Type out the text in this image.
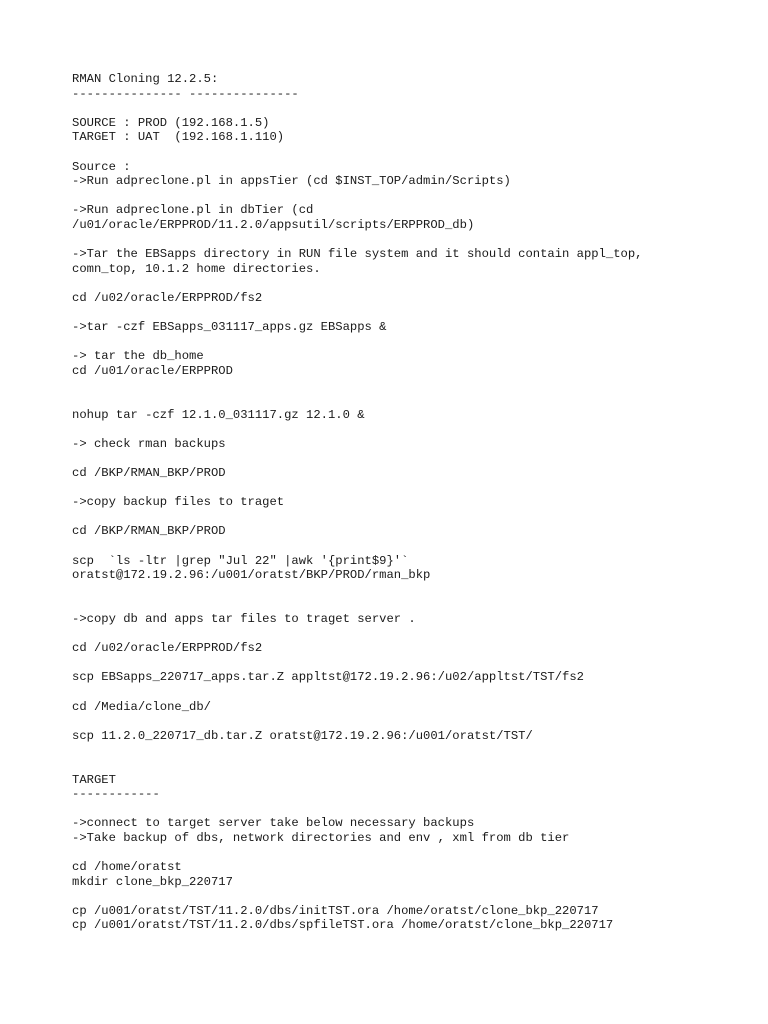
RMAN Cloning 12.2.5:
--------------- ---------------
SOURCE : PROD (192.168.1.5)
TARGET : UAT  (192.168.1.110)
Source :
->Run adpreclone.pl in appsTier (cd $INST_TOP/admin/Scripts)
->Run adpreclone.pl in dbTier (cd
/u01/oracle/ERPPROD/11.2.0/appsutil/scripts/ERPPROD_db)
->Tar the EBSapps directory in RUN file system and it should contain appl_top,
comn_top, 10.1.2 home directories.
cd /u02/oracle/ERPPROD/fs2
->tar -czf EBSapps_031117_apps.gz EBSapps &
-> tar the db_home
cd /u01/oracle/ERPPROD
nohup tar -czf 12.1.0_031117.gz 12.1.0 &
-> check rman backups
cd /BKP/RMAN_BKP/PROD
->copy backup files to traget
cd /BKP/RMAN_BKP/PROD
scp  `ls -ltr |grep "Jul 22" |awk '{print$9}'`
oratst@172.19.2.96:/u001/oratst/BKP/PROD/rman_bkp
->copy db and apps tar files to traget server .
cd /u02/oracle/ERPPROD/fs2
scp EBSapps_220717_apps.tar.Z appltst@172.19.2.96:/u02/appltst/TST/fs2
cd /Media/clone_db/
scp 11.2.0_220717_db.tar.Z oratst@172.19.2.96:/u001/oratst/TST/
TARGET
------------
->connect to target server take below necessary backups
->Take backup of dbs, network directories and env , xml from db tier
cd /home/oratst
mkdir clone_bkp_220717
cp /u001/oratst/TST/11.2.0/dbs/initTST.ora /home/oratst/clone_bkp_220717
cp /u001/oratst/TST/11.2.0/dbs/spfileTST.ora /home/oratst/clone_bkp_220717
